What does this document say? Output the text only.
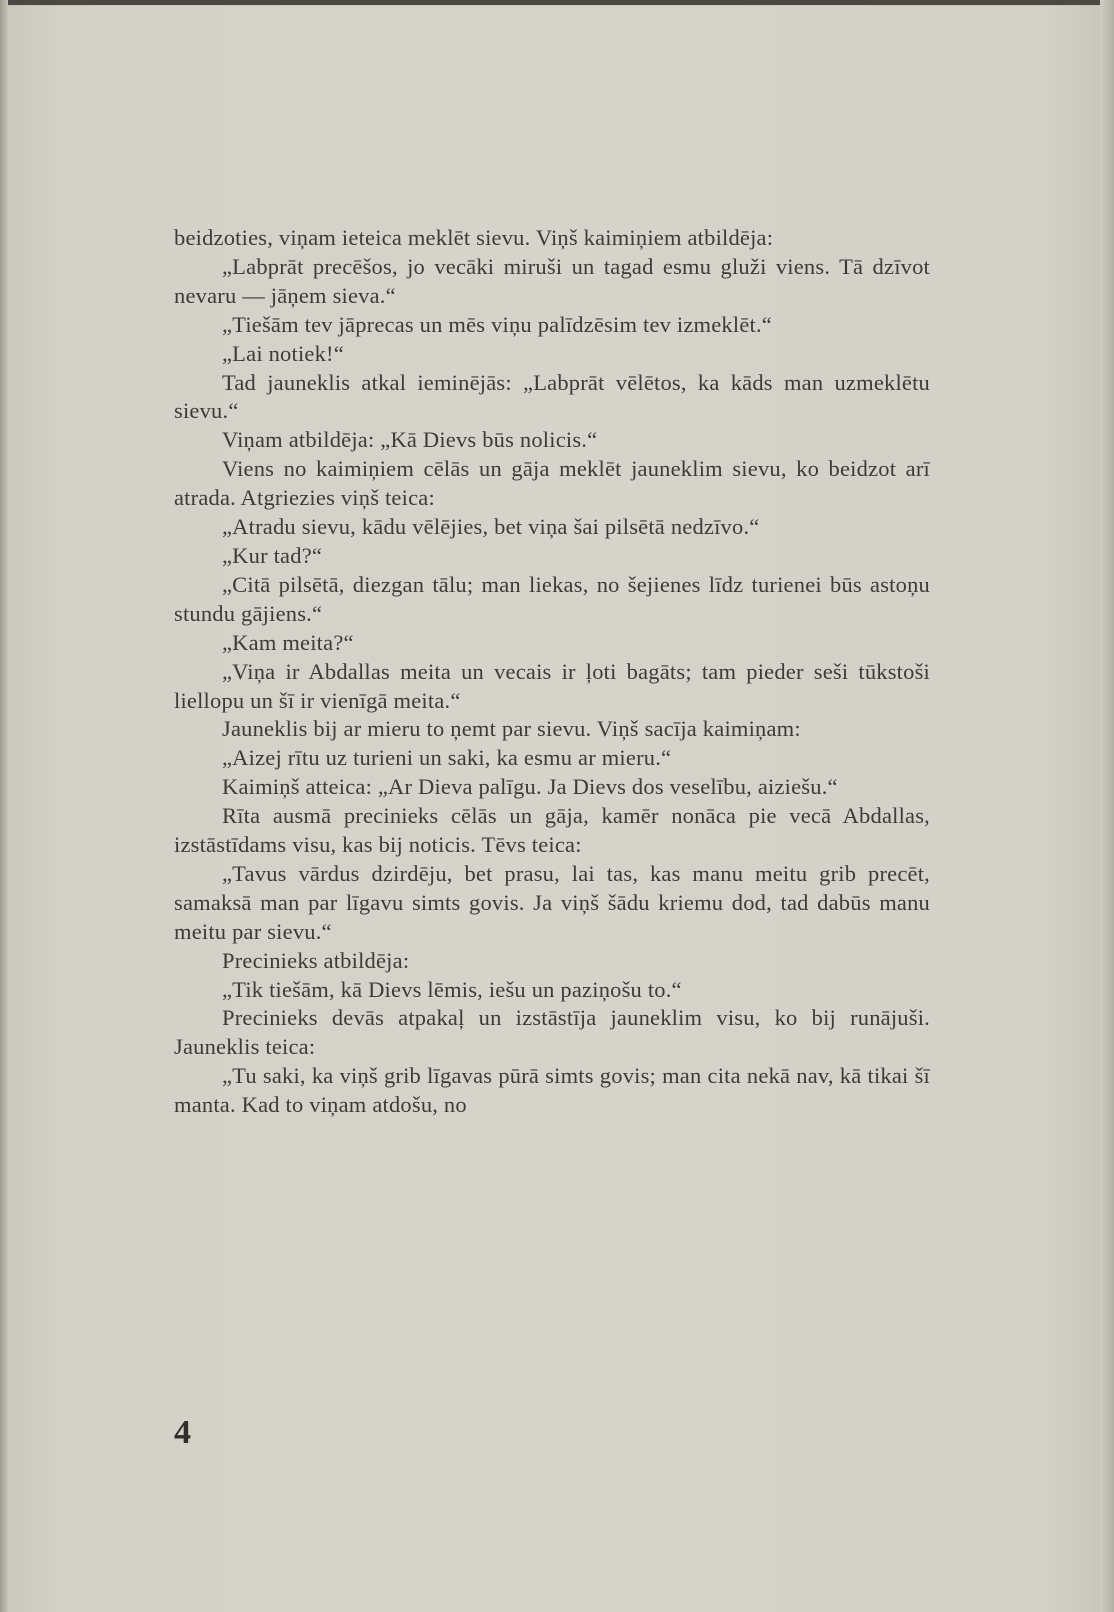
beidzoties, viņam ieteica meklēt sievu. Viņš kaimiņiem atbildēja:

„Labprāt precēšos, jo vecāki miruši un tagad esmu gluži viens. Tā dzīvot nevaru — jāņem sieva.“

„Tiešām tev jāprecas un mēs viņu palīdzēsim tev izmeklēt.“

„Lai notiek!“

Tad jauneklis atkal ieminējās: „Labprāt vēlētos, ka kāds man uzmeklētu sievu.“

Viņam atbildēja: „Kā Dievs būs nolicis.“

Viens no kaimiņiem cēlās un gāja meklēt jauneklim sievu, ko beidzot arī atrada. Atgriezies viņš teica:

„Atradu sievu, kādu vēlējies, bet viņa šai pilsētā nedzīvo.“

„Kur tad?“

„Citā pilsētā, diezgan tālu; man liekas, no šejienes līdz turienei būs astoņu stundu gājiens.“

„Kam meita?“

„Viņa ir Abdallas meita un vecais ir ļoti bagāts; tam pieder seši tūkstoši liellopu un šī ir vienīgā meita.“

Jauneklis bij ar mieru to ņemt par sievu. Viņš sacīja kaimiņam:

„Aizej rītu uz turieni un saki, ka esmu ar mieru.“

Kaimiņš atteica: „Ar Dieva palīgu. Ja Dievs dos veselību, aiziešu.“

Rīta ausmā precinieks cēlās un gāja, kamēr nonāca pie vecā Abdallas, izstāstīdams visu, kas bij noticis. Tēvs teica:

„Tavus vārdus dzirdēju, bet prasu, lai tas, kas manu meitu grib precēt, samaksā man par līgavu simts govis. Ja viņš šādu kriemu dod, tad dabūs manu meitu par sievu.“

Precinieks atbildēja:

„Tik tiešām, kā Dievs lēmis, iešu un paziņošu to.“

Precinieks devās atpakaļ un izstāstīja jauneklim visu, ko bij runājuši. Jauneklis teica:

„Tu saki, ka viņš grib līgavas pūrā simts govis; man cita nekā nav, kā tikai šī manta. Kad to viņam atdošu, no

4
